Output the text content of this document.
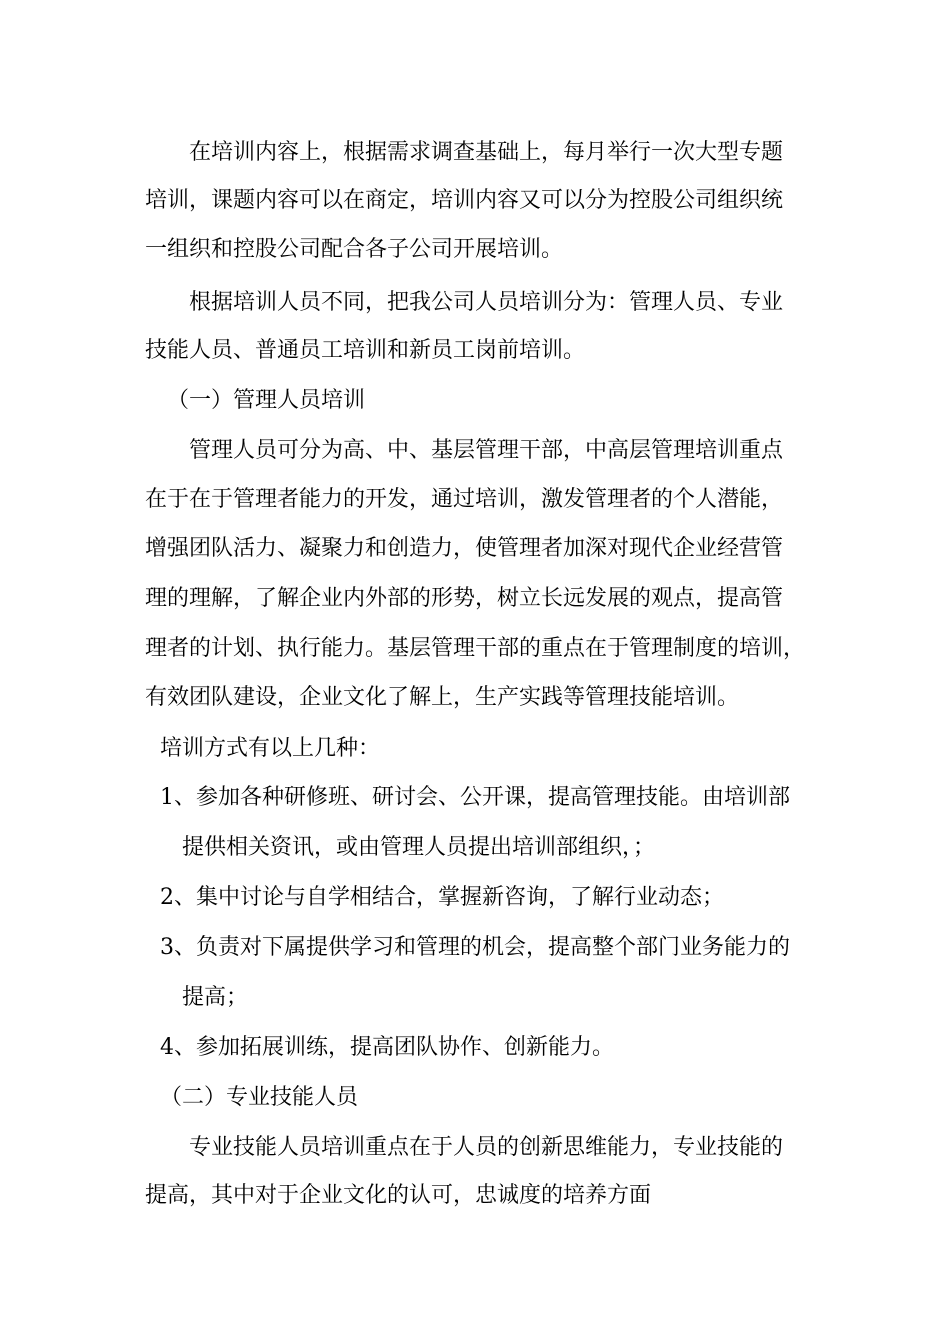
在培训内容上，根据需求调查基础上，每月举行一次大型专题
培训，课题内容可以在商定，培训内容又可以分为控股公司组织统
一组织和控股公司配合各子公司开展培训。
根据培训人员不同，把我公司人员培训分为：管理人员、专业
技能人员、普通员工培训和新员工岗前培训。
（一）管理人员培训
管理人员可分为高、中、基层管理干部，中高层管理培训重点
在于在于管理者能力的开发，通过培训，激发管理者的个人潜能，
增强团队活力、凝聚力和创造力，使管理者加深对现代企业经营管
理的理解，了解企业内外部的形势，树立长远发展的观点，提高管
理者的计划、执行能力。基层管理干部的重点在于管理制度的培训，
有效团队建设，企业文化了解上，生产实践等管理技能培训。
培训方式有以上几种：
1、参加各种研修班、研讨会、公开课，提高管理技能。由培训部
提供相关资讯，或由管理人员提出培训部组织，；
2、集中讨论与自学相结合，掌握新咨询，了解行业动态；
3、负责对下属提供学习和管理的机会，提高整个部门业务能力的
提高；
4、参加拓展训练，提高团队协作、创新能力。
（二）专业技能人员
专业技能人员培训重点在于人员的创新思维能力，专业技能的
提高，其中对于企业文化的认可，忠诚度的培养方面
